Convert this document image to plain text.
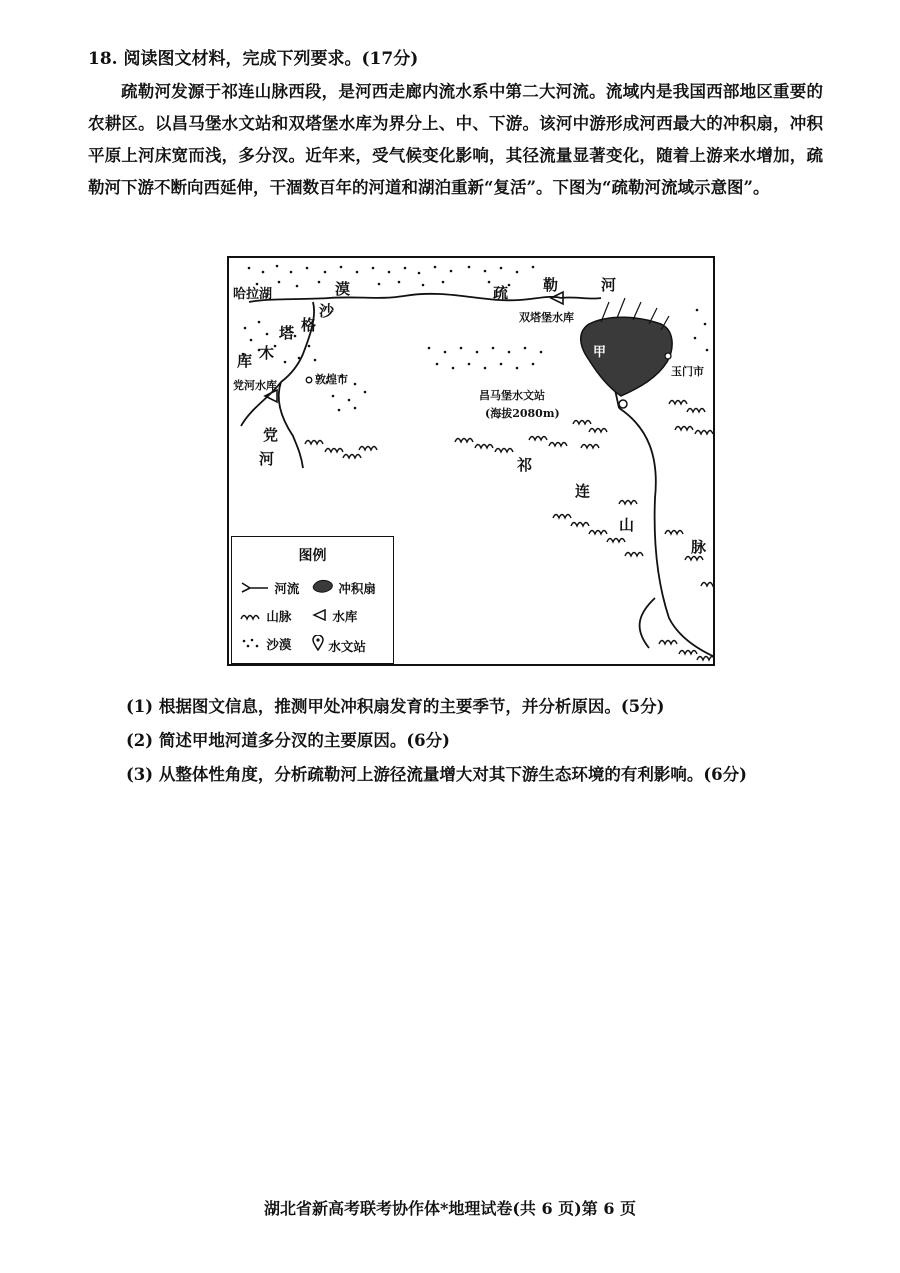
18. 阅读图文材料，完成下列要求。(17分)

疏勒河发源于祁连山脉西段，是河西走廊内流水系中第二大河流。流域内是我国西部地区重要的农耕区。以昌马堡水文站和双塔堡水库为界分上、中、下游。该河中游形成河西最大的冲积扇，冲积平原上河床宽而浅，多分汊。近年来，受气候变化影响，其径流量显著变化，随着上游来水增加，疏勒河下游不断向西延伸，干涸数百年的河道和湖泊重新“复活”。下图为“疏勒河流域示意图”。

哈拉湖	漠
沙
疏 勒	河
双塔堡水库
甲
玉门市
昌马堡水文站
(海拔2080m)
塔 格
库 木
党河水库	敦煌市
党
河	祁
连
山
脉
图例
河流	冲积扇
山脉	水库
沙漠	水文站
(1) 根据图文信息，推测甲处冲积扇发育的主要季节，并分析原因。(5分)
(2) 简述甲地河道多分汊的主要原因。(6分)
(3) 从整体性角度，分析疏勒河上游径流量增大对其下游生态环境的有利影响。(6分)
湖北省新高考联考协作体*地理试卷(共 6 页)第 6 页
